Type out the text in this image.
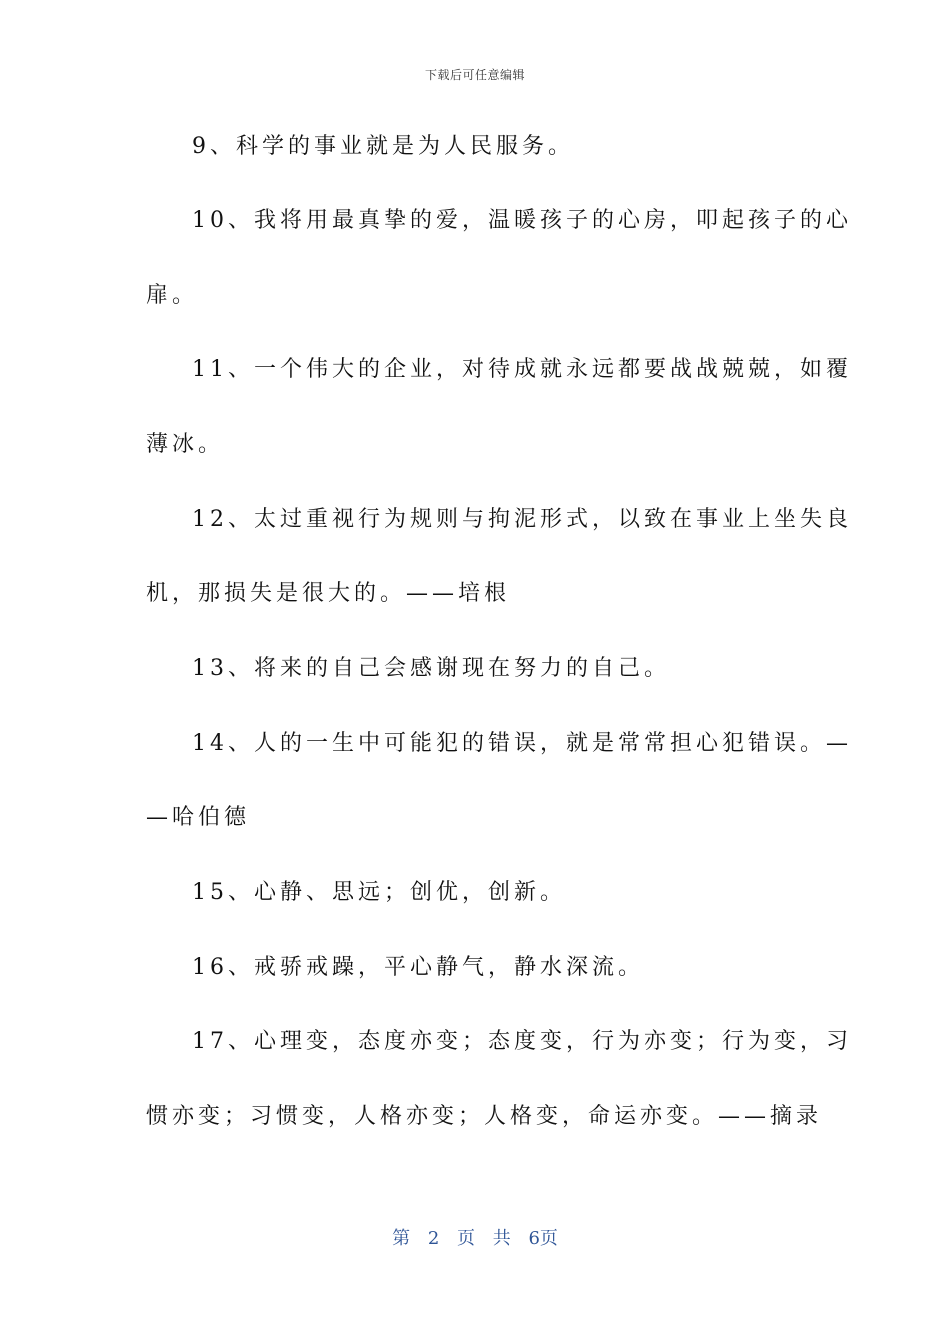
下载后可任意编辑
9、科学的事业就是为人民服务。
10、我将用最真挚的爱，温暖孩子的心房，叩起孩子的心
扉。
11、一个伟大的企业，对待成就永远都要战战兢兢，如覆
薄冰。
12、太过重视行为规则与拘泥形式，以致在事业上坐失良
机，那损失是很大的。——培根
13、将来的自己会感谢现在努力的自己。
14、人的一生中可能犯的错误，就是常常担心犯错误。—
—哈伯德
15、心静、思远；创优，创新。
16、戒骄戒躁，平心静气，静水深流。
17、心理变，态度亦变；态度变，行为亦变；行为变，习
惯亦变；习惯变，人格亦变；人格变，命运亦变。——摘录
第 2 页 共 6页
